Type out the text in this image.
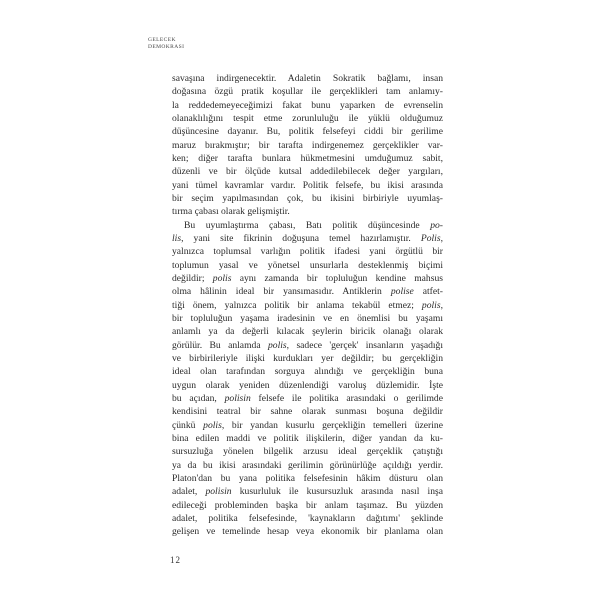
GELECEK
DEMOKRASI
savaşına indirgenecektir. Adaletin Sokratik bağlamı, insan
doğasına özgü pratik koşullar ile gerçeklikleri tam anlamıy-
la reddedemeyeceğimizi fakat bunu yaparken de evrenselin
olanaklılığını tespit etme zorunluluğu ile yüklü olduğumuz
düşüncesine dayanır. Bu, politik felsefeyi ciddi bir gerilime
maruz bırakmıştır; bir tarafta indirgenemez gerçeklikler var-
ken; diğer tarafta bunlara hükmetmesini umduğumuz sabit,
düzenli ve bir ölçüde kutsal addedilebilecek değer yargıları,
yani tümel kavramlar vardır. Politik felsefe, bu ikisi arasında
bir seçim yapılmasından çok, bu ikisini birbiriyle uyumlaş-
tırma çabası olarak gelişmiştir.
Bu uyumlaştırma çabası, Batı politik düşüncesinde po-
lis, yani site fikrinin doğuşuna temel hazırlamıştır. Polis,
yalnızca toplumsal varlığın politik ifadesi yani örgütlü bir
toplumun yasal ve yönetsel unsurlarla desteklenmiş biçimi
değildir; polis aynı zamanda bir topluluğun kendine mahsus
olma hâlinin ideal bir yansımasıdır. Antiklerin polise atfet-
tiği önem, yalnızca politik bir anlama tekabül etmez; polis,
bir topluluğun yaşama iradesinin ve en önemlisi bu yaşamı
anlamlı ya da değerli kılacak şeylerin biricik olanağı olarak
görülür. Bu anlamda polis, sadece 'gerçek' insanların yaşadığı
ve birbirileriyle ilişki kurdukları yer değildir; bu gerçekliğin
ideal olan tarafından sorguya alındığı ve gerçekliğin buna
uygun olarak yeniden düzenlendiği varoluş düzlemidir. İşte
bu açıdan, polisin felsefe ile politika arasındaki o gerilimde
kendisini teatral bir sahne olarak sunması boşuna değildir
çünkü polis, bir yandan kusurlu gerçekliğin temelleri üzerine
bina edilen maddi ve politik ilişkilerin, diğer yandan da ku-
sursuzluğa yönelen bilgelik arzusu ideal gerçeklik çatıştığı
ya da bu ikisi arasındaki gerilimin görünürlüğe açıldığı yerdir.
Platon'dan bu yana politika felsefesinin hâkim düsturu olan
adalet, polisin kusurluluk ile kusursuzluk arasında nasıl inşa
edileceği probleminden başka bir anlam taşımaz. Bu yüzden
adalet, politika felsefesinde, 'kaynakların dağıtımı' şeklinde
gelişen ve temelinde hesap veya ekonomik bir planlama olan
12
